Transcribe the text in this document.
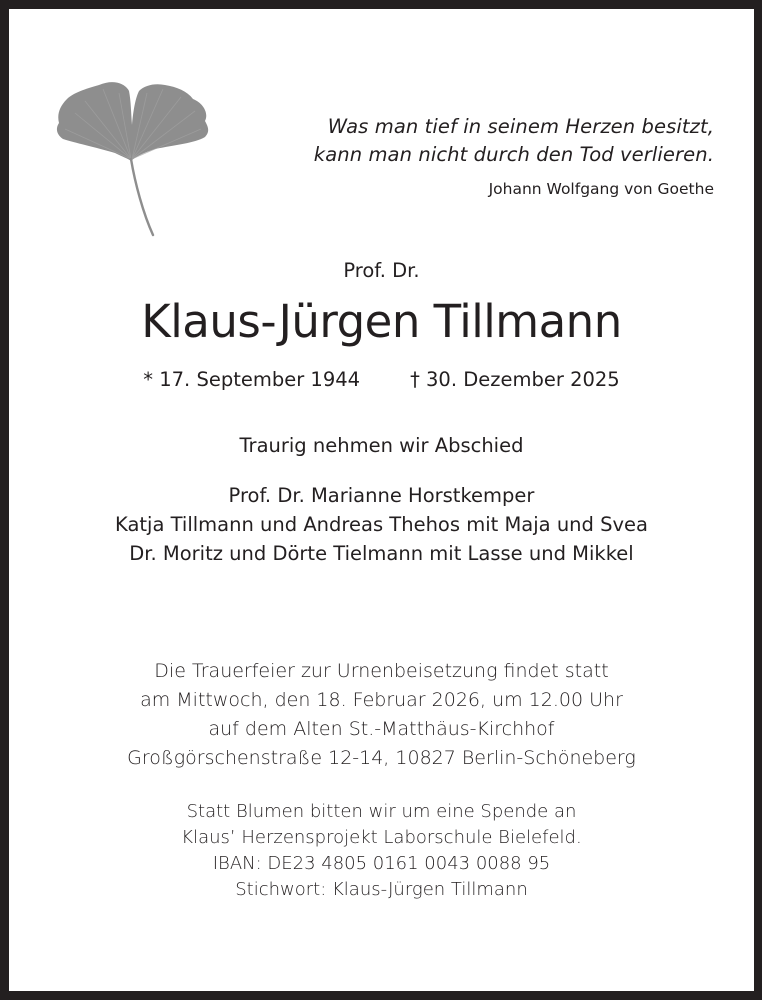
Was man tief in seinem Herzen besitzt,
kann man nicht durch den Tod verlieren.
Johann Wolfgang von Goethe
Prof. Dr.
Klaus-Jürgen Tillmann
* 17. September 1944	† 30. Dezember 2025
Traurig nehmen wir Abschied
Prof. Dr. Marianne Horstkemper
Katja Tillmann und Andreas Thehos mit Maja und Svea
Dr. Moritz und Dörte Tielmann mit Lasse und Mikkel
Die Trauerfeier zur Urnenbeisetzung findet statt
am Mittwoch, den 18. Februar 2026, um 12.00 Uhr
auf dem Alten St.-Matthäus-Kirchhof
Großgörschenstraße 12-14, 10827 Berlin-Schöneberg
Statt Blumen bitten wir um eine Spende an
Klaus’ Herzensprojekt Laborschule Bielefeld.
IBAN: DE23 4805 0161 0043 0088 95
Stichwort: Klaus-Jürgen Tillmann
